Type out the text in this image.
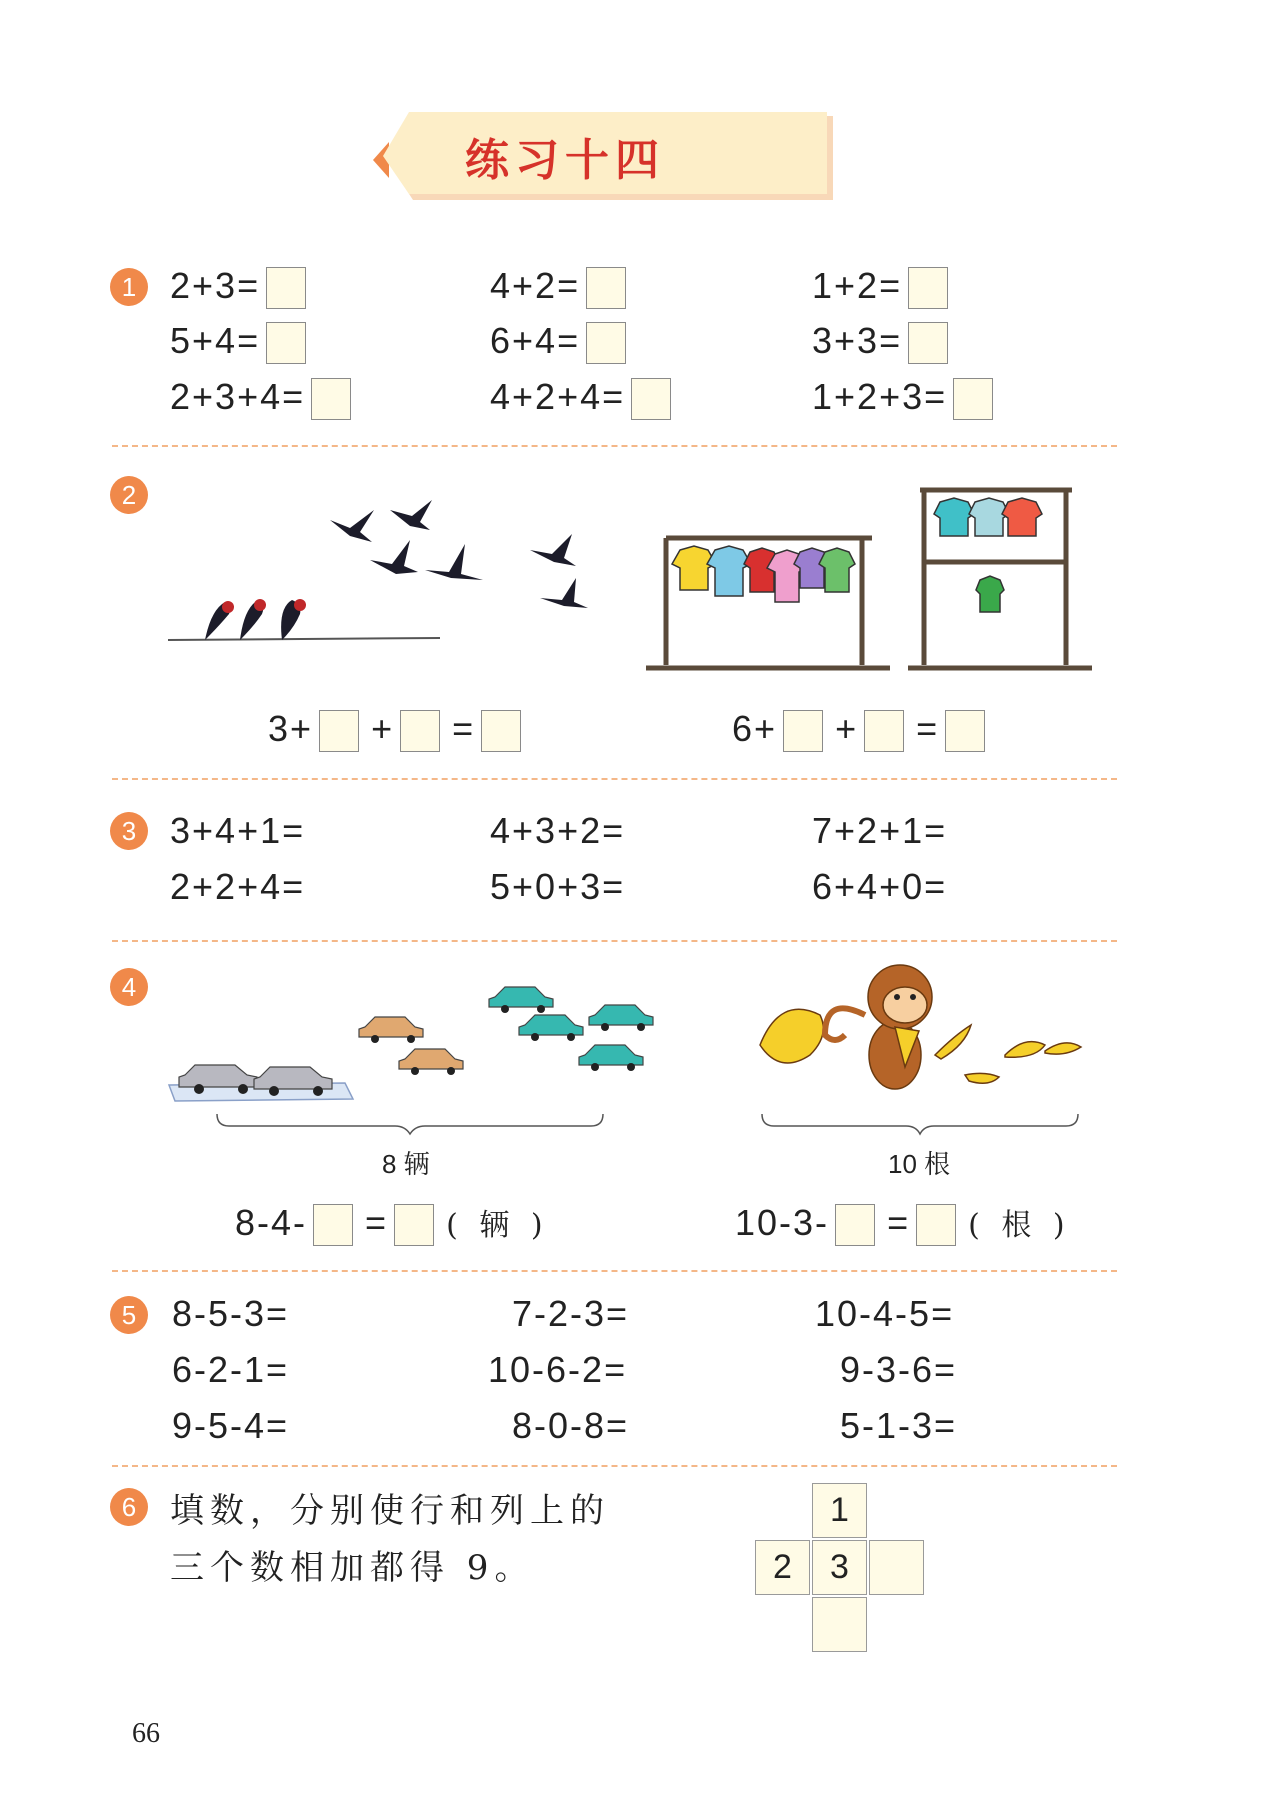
练习十四
1 2+3=	4+2=	1+2=
5+4=	6+4=	3+3=
2+3+4=	4+2+4=	1+2+3=
2
3+ + =	6+ + =
3 3+4+1=	4+3+2=	7+2+1=
2+2+4=	5+0+3=	6+4+0=
4
8 辆	10 根
8-4- = ( 辆 )	10-3- = ( 根 )
5 8-5-3=	7-2-3=	10-4-5=
6-2-1=	10-6-2=	9-3-6=
9-5-4=	8-0-8=	5-1-3=
6 填数，分别使行和列上的
三个数相加都得 9。
1
2	3
66
